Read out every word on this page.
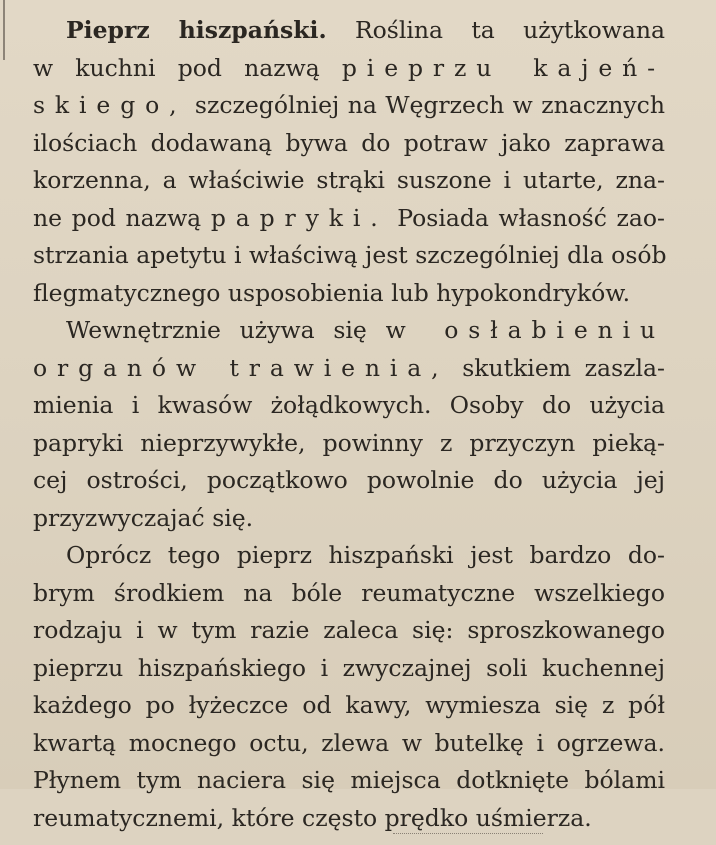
Pieprz hiszpański. Roślina ta użytkowana
w kuchni pod nazwą pieprzu kajeń-
skiego, szczególniej na Węgrzech w znacznych
ilościach dodawaną bywa do potraw jako zaprawa
korzenna, a właściwie strąki suszone i utarte, zna-
ne pod nazwą papryki. Posiada własność zao-
strzania apetytu i właściwą jest szczególniej dla osób
flegmatycznego usposobienia lub hypokondryków.
Wewnętrznie używa się w osłabieniu
organów trawienia, skutkiem zaszla-
mienia i kwasów żołądkowych. Osoby do użycia
papryki nieprzywykłe, powinny z przyczyn pieką-
cej ostrości, początkowo powolnie do użycia jej
przyzwyczajać się.
Oprócz tego pieprz hiszpański jest bardzo do-
brym środkiem na bóle reumatyczne wszelkiego
rodzaju i w tym razie zaleca się: sproszkowanego
pieprzu hiszpańskiego i zwyczajnej soli kuchennej
każdego po łyżeczce od kawy, wymiesza się z pół
kwartą mocnego octu, zlewa w butelkę i ogrzewa.
Płynem tym naciera się miejsca dotknięte bólami
reumatycznemi, które często prędko uśmierza.
